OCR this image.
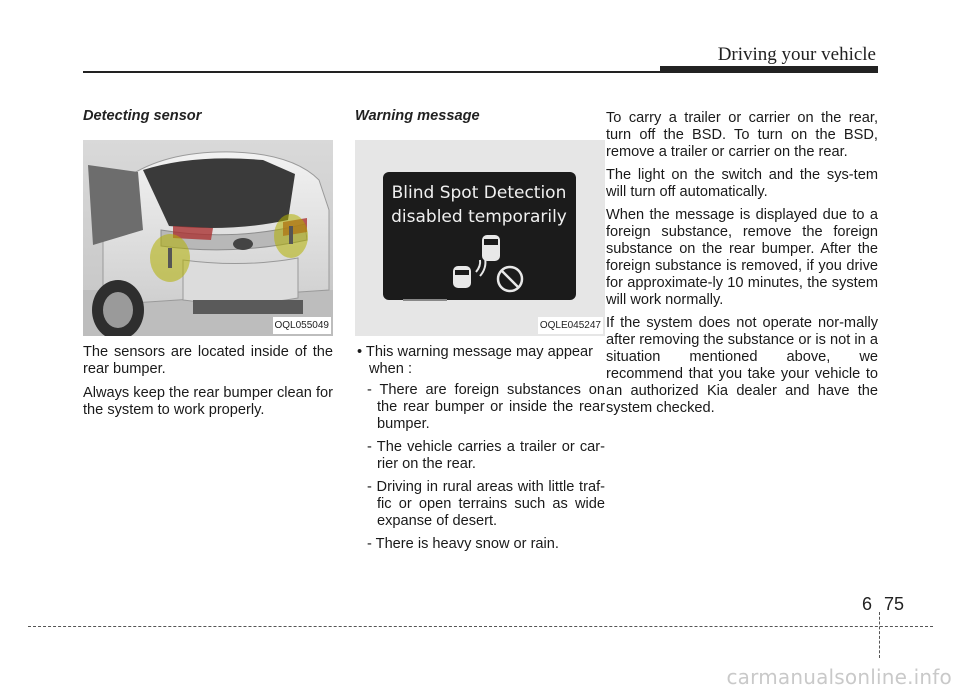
Driving your vehicle
Detecting sensor
OQL055049

The sensors are located inside of the rear bumper.

Always keep the rear bumper clean for the system to work properly.

Warning message
Blind Spot Detection
disabled temporarily
OQLE045247
• This warning message may appear when :
- There are foreign substances on the rear bumper or inside the rear bumper.
- The vehicle carries a trailer or car-rier on the rear.
- Driving in rural areas with little traf-fic or open terrains such as wide expanse of desert.
- There is heavy snow or rain.

To carry a trailer or carrier on the rear, turn off the BSD. To turn on the BSD, remove a trailer or carrier on the rear.

The light on the switch and the sys-tem will turn off automatically.

When the message is displayed due to a foreign substance, remove the foreign substance on the rear bumper. After the foreign substance is removed, if you drive for approximate-ly 10 minutes, the system will work normally.

If the system does not operate nor-mally after removing the substance or is not in a situation mentioned above, we recommend that you take your vehicle to an authorized Kia dealer and have the system checked.

6 75
carmanualsonline.info
